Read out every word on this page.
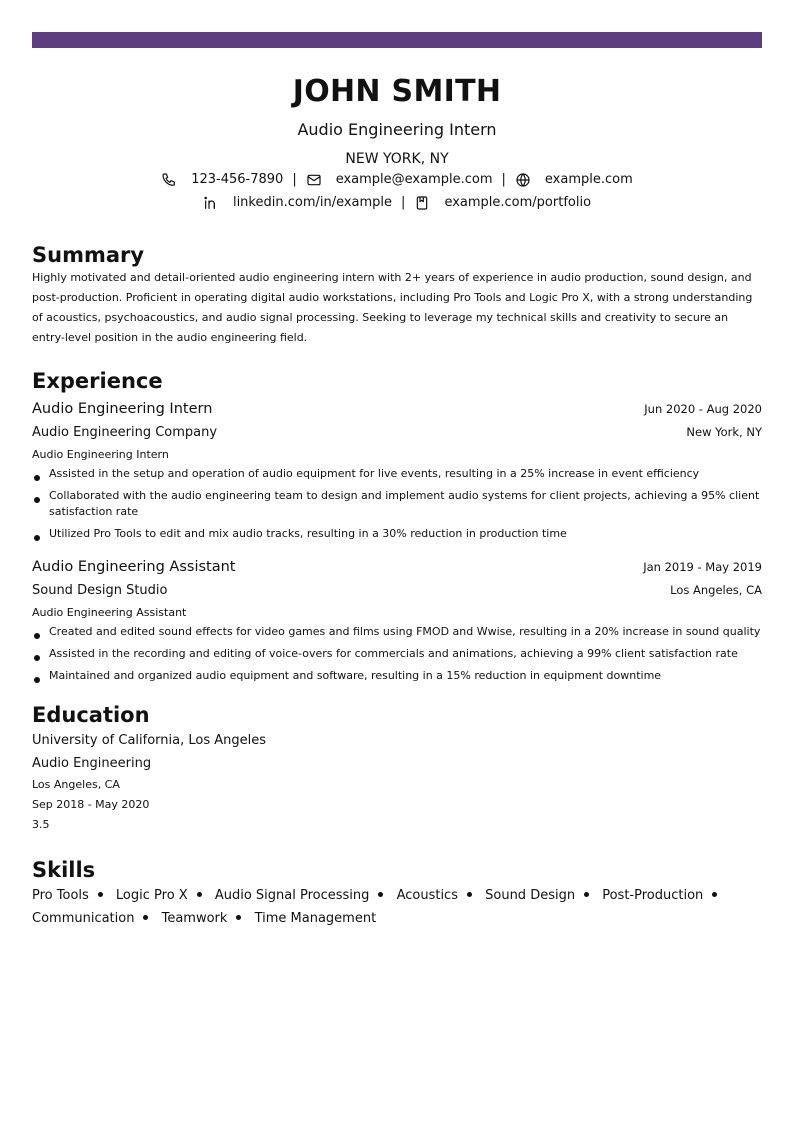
JOHN SMITH
Audio Engineering Intern
NEW YORK, NY
123-456-7890 |	example@example.com |	example.com
linkedin.com/in/example |	example.com/portfolio
Summary
Highly motivated and detail-oriented audio engineering intern with 2+ years of experience in audio production, sound design, and post-production. Proficient in operating digital audio workstations, including Pro Tools and Logic Pro X, with a strong understanding of acoustics, psychoacoustics, and audio signal processing. Seeking to leverage my technical skills and creativity to secure an entry-level position in the audio engineering field.
Experience
Audio Engineering Intern	Jun 2020 - Aug 2020
Audio Engineering Company	New York, NY
Audio Engineering Intern
Assisted in the setup and operation of audio equipment for live events, resulting in a 25% increase in event efficiency
Collaborated with the audio engineering team to design and implement audio systems for client projects, achieving a 95% client satisfaction rate
Utilized Pro Tools to edit and mix audio tracks, resulting in a 30% reduction in production time
Audio Engineering Assistant	Jan 2019 - May 2019
Sound Design Studio	Los Angeles, CA
Audio Engineering Assistant
Created and edited sound effects for video games and films using FMOD and Wwise, resulting in a 20% increase in sound quality
Assisted in the recording and editing of voice-overs for commercials and animations, achieving a 99% client satisfaction rate
Maintained and organized audio equipment and software, resulting in a 15% reduction in equipment downtime
Education
University of California, Los Angeles
Audio Engineering
Los Angeles, CA
Sep 2018 - May 2020
3.5
Skills
Pro Tools Logic Pro X Audio Signal Processing Acoustics Sound Design Post-Production Communication Teamwork Time Management
